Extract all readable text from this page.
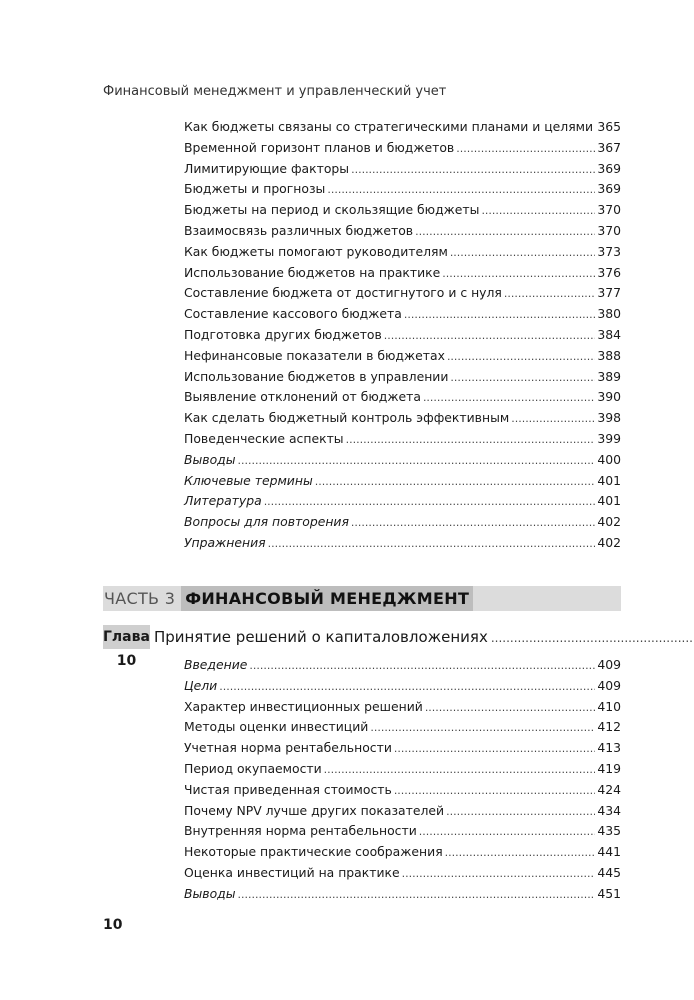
Финансовый менеджмент и управленческий учет
Как бюджеты связаны со стратегическими планами и целями ..... 365
Временной горизонт планов и бюджетов .....	367
Лимитирующие факторы .....	369
Бюджеты и прогнозы .....	369
Бюджеты на период и скользящие бюджеты .....	370
Взаимосвязь различных бюджетов .....	370
Как бюджеты помогают руководителям .....	373
Использование бюджетов на практике .....	376
Составление бюджета от достигнутого и с нуля .....	377
Составление кассового бюджета .....	380
Подготовка других бюджетов .....	384
Нефинансовые показатели в бюджетах .....	388
Использование бюджетов в управлении .....	389
Выявление отклонений от бюджета .....	390
Как сделать бюджетный контроль эффективным .....	398
Поведенческие аспекты .....	399
Выводы .....	400
Ключевые термины .....	401
Литература .....	401
Вопросы для повторения .....	402
Упражнения .....	402
ЧАСТЬ 3 ФИНАНСОВЫЙ МЕНЕДЖМЕНТ
Глава 10
Принятие решений о капиталовложениях
.....
Введение .....	409
Цели .....	409
Характер инвестиционных решений .....	410
Методы оценки инвестиций .....	412
Учетная норма рентабельности .....	413
Период окупаемости .....	419
Чистая приведенная стоимость .....	424
Почему NPV лучше других показателей .....	434
Внутренняя норма рентабельности .....	435
Некоторые практические соображения .....	441
Оценка инвестиций на практике .....	445
Выводы .....	451
10
